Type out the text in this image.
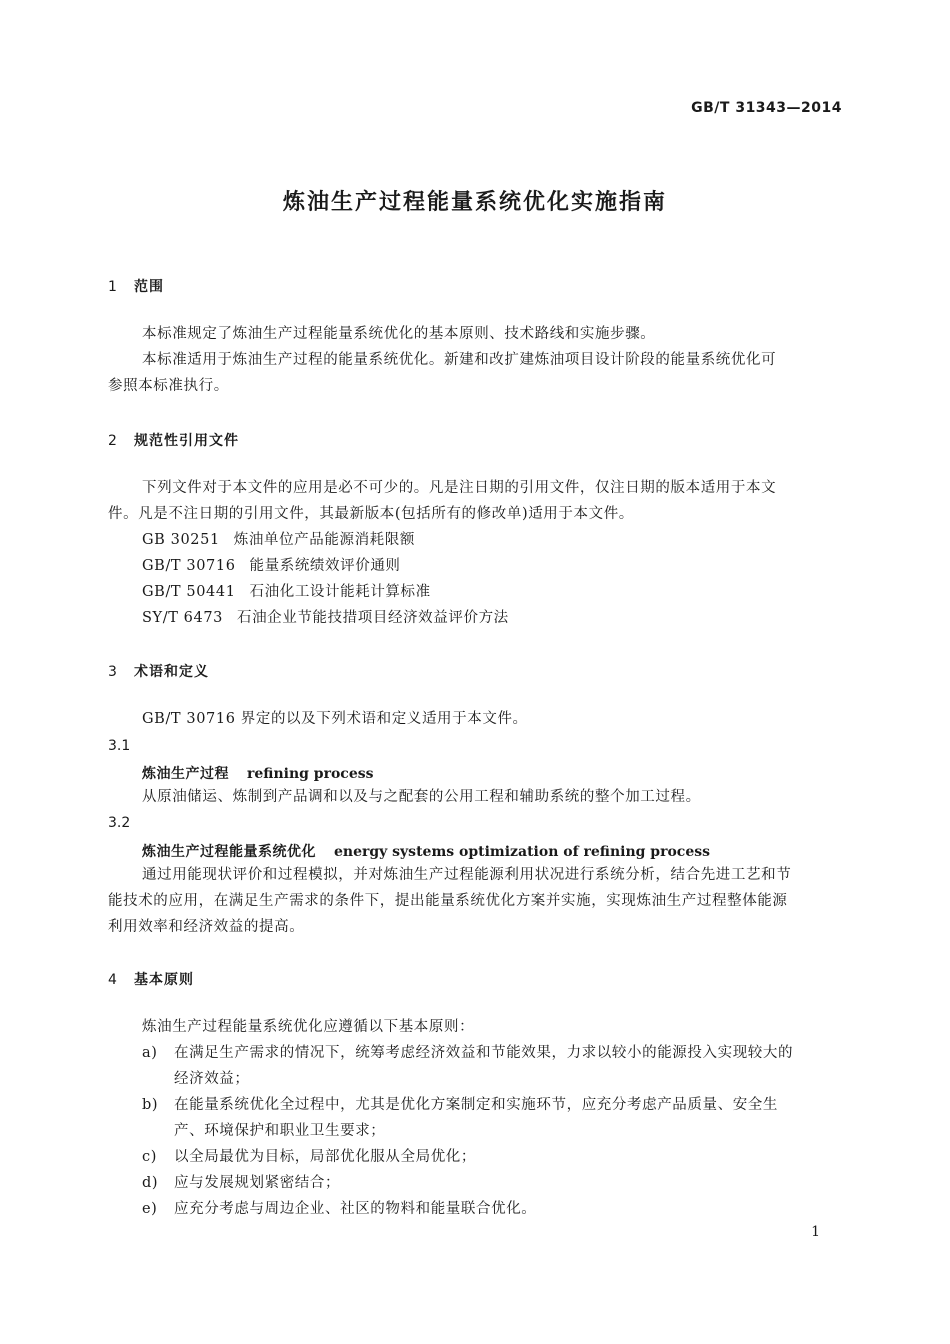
GB/T 31343—2014
炼油生产过程能量系统优化实施指南
1 范围
本标准规定了炼油生产过程能量系统优化的基本原则、技术路线和实施步骤。
本标准适用于炼油生产过程的能量系统优化。新建和改扩建炼油项目设计阶段的能量系统优化可
参照本标准执行。
2 规范性引用文件
下列文件对于本文件的应用是必不可少的。凡是注日期的引用文件，仅注日期的版本适用于本文
件。凡是不注日期的引用文件，其最新版本(包括所有的修改单)适用于本文件。
GB 30251 炼油单位产品能源消耗限额
GB/T 30716 能量系统绩效评价通则
GB/T 50441 石油化工设计能耗计算标准
SY/T 6473 石油企业节能技措项目经济效益评价方法
3 术语和定义
GB/T 30716 界定的以及下列术语和定义适用于本文件。
3.1
炼油生产过程 refining process
从原油储运、炼制到产品调和以及与之配套的公用工程和辅助系统的整个加工过程。
3.2
炼油生产过程能量系统优化 energy systems optimization of refining process
通过用能现状评价和过程模拟，并对炼油生产过程能源利用状况进行系统分析，结合先进工艺和节
能技术的应用，在满足生产需求的条件下，提出能量系统优化方案并实施，实现炼油生产过程整体能源
利用效率和经济效益的提高。
4 基本原则
炼油生产过程能量系统优化应遵循以下基本原则：
a) 在满足生产需求的情况下，统筹考虑经济效益和节能效果，力求以较小的能源投入实现较大的
经济效益；
b) 在能量系统优化全过程中，尤其是优化方案制定和实施环节，应充分考虑产品质量、安全生
产、环境保护和职业卫生要求；
c) 以全局最优为目标，局部优化服从全局优化；
d) 应与发展规划紧密结合；
e) 应充分考虑与周边企业、社区的物料和能量联合优化。
1
